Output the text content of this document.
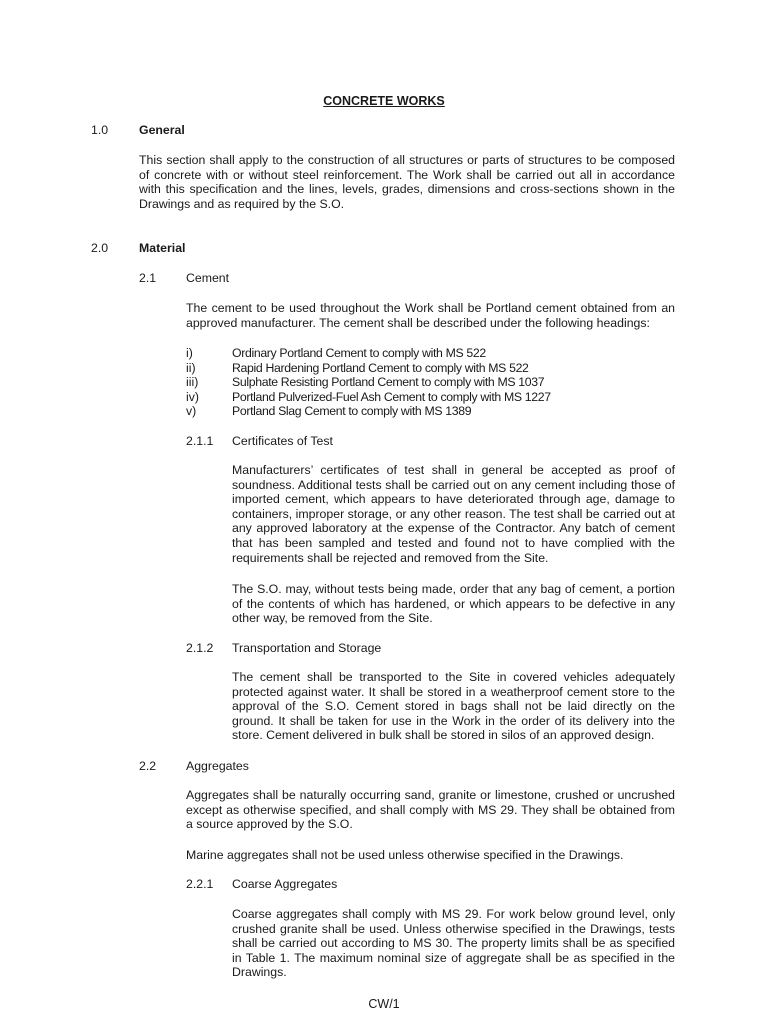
CONCRETE WORKS
1.0	General
This section shall apply to the construction of all structures or parts of structures to be composed of concrete with or without steel reinforcement. The Work shall be carried out all in accordance with this specification and the lines, levels, grades, dimensions and cross-sections shown in the Drawings and as required by the S.O.
2.0	Material
2.1 Cement
The cement to be used throughout the Work shall be Portland cement obtained from an approved manufacturer. The cement shall be described under the following headings:
i)	Ordinary Portland Cement to comply with MS 522
ii)	Rapid Hardening Portland Cement to comply with MS 522
iii)	Sulphate Resisting Portland Cement to comply with MS 1037
iv)	Portland Pulverized-Fuel Ash Cement to comply with MS 1227
v)	Portland Slag Cement to comply with MS 1389
2.1.1 Certificates of Test
Manufacturers’ certificates of test shall in general be accepted as proof of soundness. Additional tests shall be carried out on any cement including those of imported cement, which appears to have deteriorated through age, damage to containers, improper storage, or any other reason. The test shall be carried out at any approved laboratory at the expense of the Contractor. Any batch of cement that has been sampled and tested and found not to have complied with the requirements shall be rejected and removed from the Site.
The S.O. may, without tests being made, order that any bag of cement, a portion of the contents of which has hardened, or which appears to be defective in any other way, be removed from the Site.
2.1.2 Transportation and Storage
The cement shall be transported to the Site in covered vehicles adequately protected against water. It shall be stored in a weatherproof cement store to the approval of the S.O. Cement stored in bags shall not be laid directly on the ground. It shall be taken for use in the Work in the order of its delivery into the store. Cement delivered in bulk shall be stored in silos of an approved design.
2.2 Aggregates
Aggregates shall be naturally occurring sand, granite or limestone, crushed or uncrushed except as otherwise specified, and shall comply with MS 29. They shall be obtained from a source approved by the S.O.
Marine aggregates shall not be used unless otherwise specified in the Drawings.
2.2.1 Coarse Aggregates
Coarse aggregates shall comply with MS 29. For work below ground level, only crushed granite shall be used. Unless otherwise specified in the Drawings, tests shall be carried out according to MS 30. The property limits shall be as specified in Table 1. The maximum nominal size of aggregate shall be as specified in the Drawings.
CW/1
